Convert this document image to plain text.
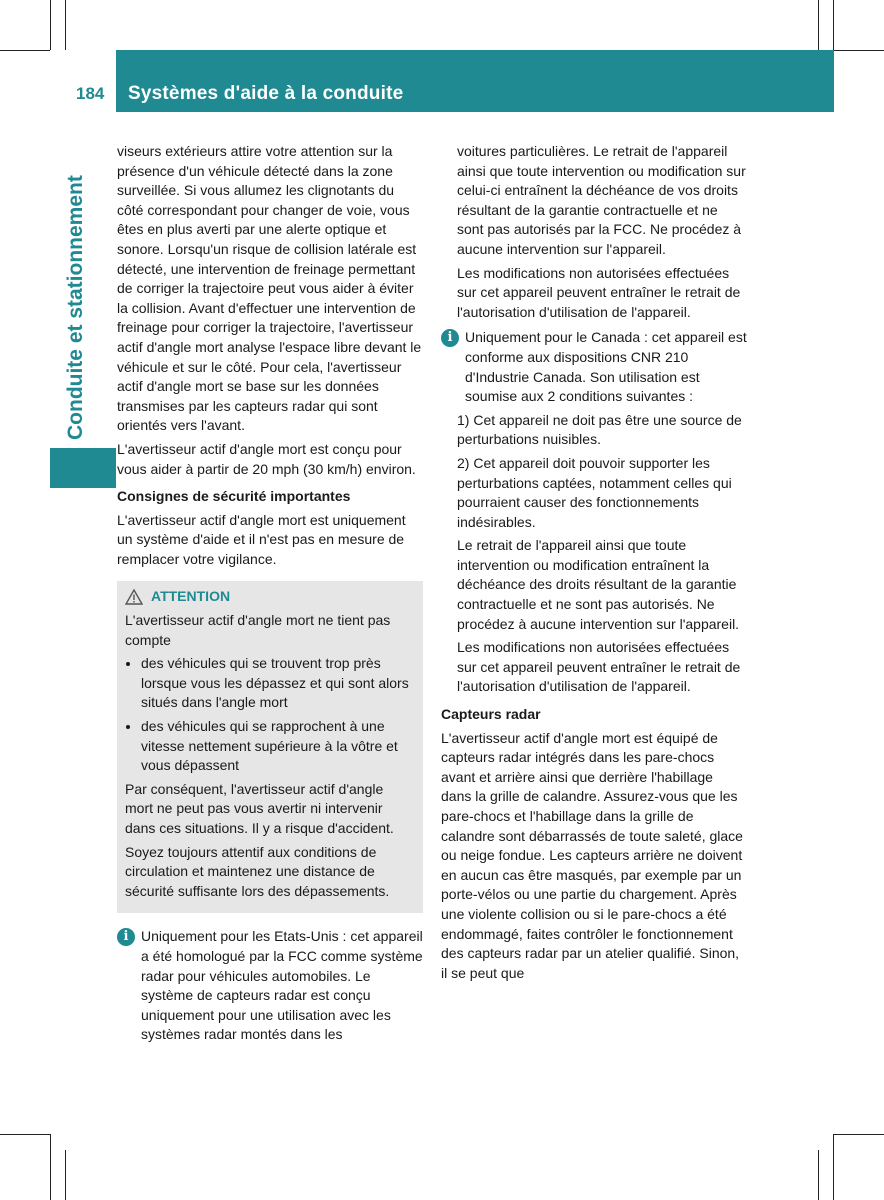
184 Systèmes d'aide à la conduite
Conduite et stationnement

viseurs extérieurs attire votre attention sur la présence d'un véhicule détecté dans la zone surveillée. Si vous allumez les clignotants du côté correspondant pour changer de voie, vous êtes en plus averti par une alerte optique et sonore. Lorsqu'un risque de collision latérale est détecté, une intervention de freinage permettant de corriger la trajectoire peut vous aider à éviter la collision. Avant d'effectuer une intervention de freinage pour corriger la trajectoire, l'avertisseur actif d'angle mort analyse l'espace libre devant le véhicule et sur le côté. Pour cela, l'avertisseur actif d'angle mort se base sur les données transmises par les capteurs radar qui sont orientés vers l'avant.

L'avertisseur actif d'angle mort est conçu pour vous aider à partir de 20 mph (30 km/h) environ.

Consignes de sécurité importantes

L'avertisseur actif d'angle mort est uniquement un système d'aide et il n'est pas en mesure de remplacer votre vigilance.

ATTENTION

L'avertisseur actif d'angle mort ne tient pas compte

• des véhicules qui se trouvent trop près lorsque vous les dépassez et qui sont alors situés dans l'angle mort
• des véhicules qui se rapprochent à une vitesse nettement supérieure à la vôtre et vous dépassent

Par conséquent, l'avertisseur actif d'angle mort ne peut pas vous avertir ni intervenir dans ces situations. Il y a risque d'accident.

Soyez toujours attentif aux conditions de circulation et maintenez une distance de sécurité suffisante lors des dépassements.

i Uniquement pour les Etats-Unis : cet appareil a été homologué par la FCC comme système radar pour véhicules automobiles. Le système de capteurs radar est conçu uniquement pour une utilisation avec les systèmes radar montés dans les

voitures particulières. Le retrait de l'appareil ainsi que toute intervention ou modification sur celui-ci entraînent la déchéance de vos droits résultant de la garantie contractuelle et ne sont pas autorisés par la FCC. Ne procédez à aucune intervention sur l'appareil.

Les modifications non autorisées effectuées sur cet appareil peuvent entraîner le retrait de l'autorisation d'utilisation de l'appareil.

i Uniquement pour le Canada : cet appareil est conforme aux dispositions CNR 210 d'Industrie Canada. Son utilisation est soumise aux 2 conditions suivantes :

1) Cet appareil ne doit pas être une source de perturbations nuisibles.

2) Cet appareil doit pouvoir supporter les perturbations captées, notamment celles qui pourraient causer des fonctionnements indésirables.

Le retrait de l'appareil ainsi que toute intervention ou modification entraînent la déchéance des droits résultant de la garantie contractuelle et ne sont pas autorisés. Ne procédez à aucune intervention sur l'appareil.

Les modifications non autorisées effectuées sur cet appareil peuvent entraîner le retrait de l'autorisation d'utilisation de l'appareil.

Capteurs radar

L'avertisseur actif d'angle mort est équipé de capteurs radar intégrés dans les pare-chocs avant et arrière ainsi que derrière l'habillage dans la grille de calandre. Assurez-vous que les pare-chocs et l'habillage dans la grille de calandre sont débarrassés de toute saleté, glace ou neige fondue. Les capteurs arrière ne doivent en aucun cas être masqués, par exemple par un porte-vélos ou une partie du chargement. Après une violente collision ou si le pare-chocs a été endommagé, faites contrôler le fonctionnement des capteurs radar par un atelier qualifié. Sinon, il se peut que
